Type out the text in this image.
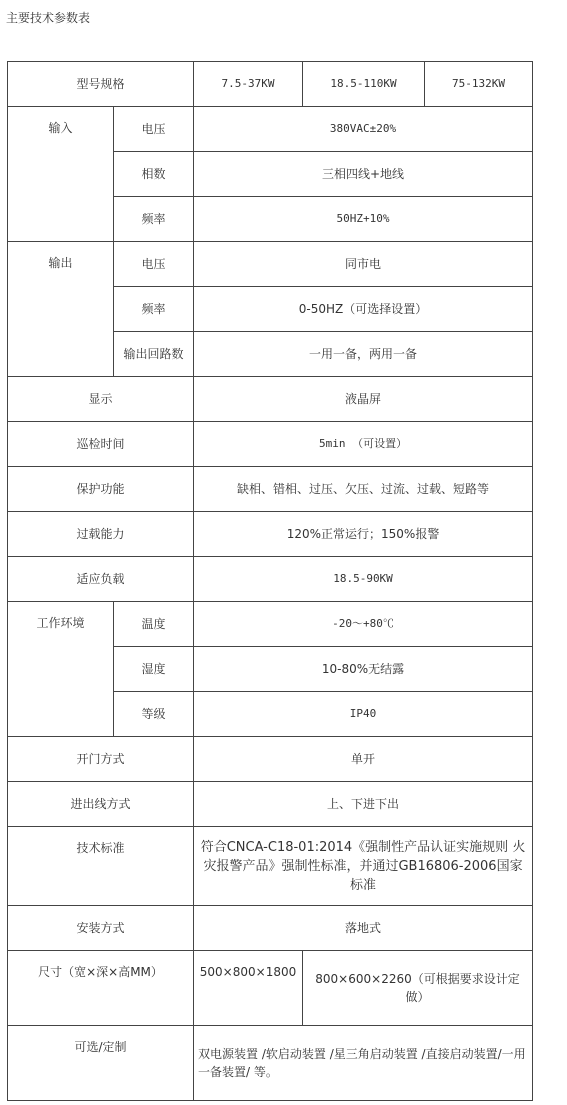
主要技术参数表
型号规格		7.5-37KW	18.5-110KW	75-132KW
输入	电压	380VAC±20%		
	相数	三相四线+地线		
	频率	50HZ+10%		
输出	电压	同市电		
	频率	0-50HZ（可选择设置）		
	输出回路数	一用一备，两用一备		
显示		液晶屏		
巡检时间		5min （可设置）		
保护功能		缺相、错相、过压、欠压、过流、过载、短路等		
过载能力		120%正常运行；150%报警		
适应负载		18.5-90KW		
工作环境	温度	-20～+80℃		
	湿度	10-80%无结露		
	等级	IP40		
开门方式		单开		
进出线方式		上、下进下出		
技术标准		符合CNCA-C18-01:2014《强制性产品认证实施规则 火灾报警产品》强制性标准，并通过GB16806-2006国家标准		
安装方式		落地式		
尺寸（宽×深×高MM）		500×800×1800	800×600×2260（可根据要求设计定做）	
可选/定制		双电源装置 /软启动装置 /星三角启动装置 /直接启动装置/一用一备装置/ 等。		
